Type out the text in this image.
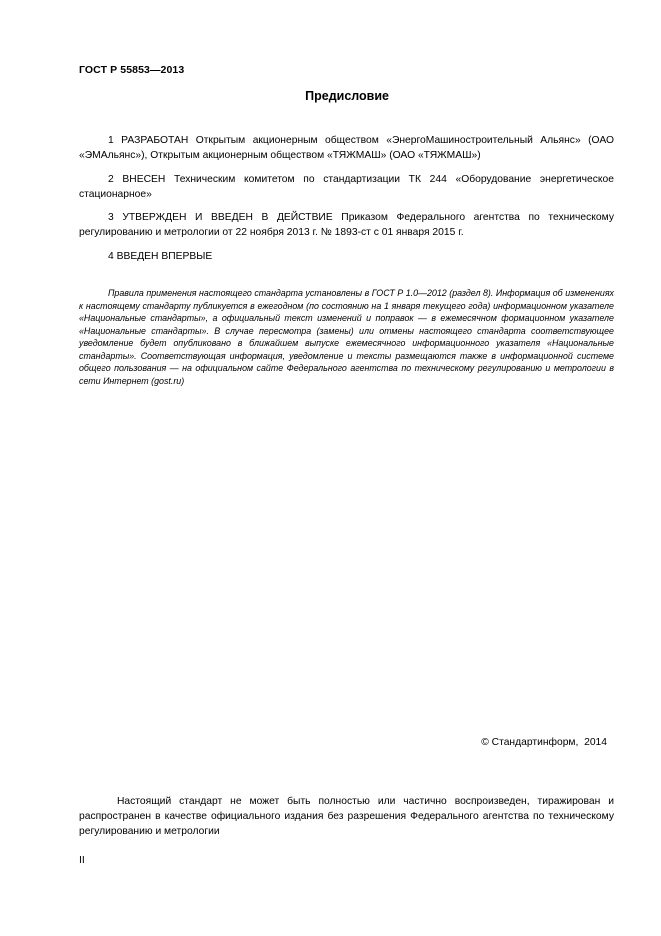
ГОСТ Р 55853—2013
Предисловие
1 РАЗРАБОТАН Открытым акционерным обществом «ЭнергоМашиностроительный Альянс» (ОАО «ЭМАльянс»), Открытым акционерным обществом «ТЯЖМАШ» (ОАО «ТЯЖМАШ»)
2 ВНЕСЕН Техническим комитетом по стандартизации ТК 244 «Оборудование энергетическое стационарное»
3 УТВЕРЖДЕН И ВВЕДЕН В ДЕЙСТВИЕ Приказом Федерального агентства по техническому регулированию и метрологии от 22 ноября 2013 г. № 1893-ст с 01 января 2015 г.
4 ВВЕДЕН ВПЕРВЫЕ
Правила применения настоящего стандарта установлены в ГОСТ Р 1.0—2012 (раздел 8). Информация об изменениях к настоящему стандарту публикуется в ежегодном (по состоянию на 1 января текущего года) информационном указателе «Национальные стандарты», а официальный текст изменений и поправок — в ежемесячном формационном указателе «Национальные стандарты». В случае пересмотра (замены) или отмены настоящего стандарта соответствующее уведомление будет опубликовано в ближайшем выпуске ежемесячного информационного указателя «Национальные стандарты». Соответствующая информация, уведомление и тексты размещаются также в информационной системе общего пользования — на официальном сайте Федерального агентства по техническому регулированию и метрологии в сети Интернет (gost.ru)
© Стандартинформ,  2014
Настоящий стандарт не может быть полностью или частично воспроизведен, тиражирован и распространен в качестве официального издания без разрешения Федерального агентства по техническому регулированию и метрологии
II
